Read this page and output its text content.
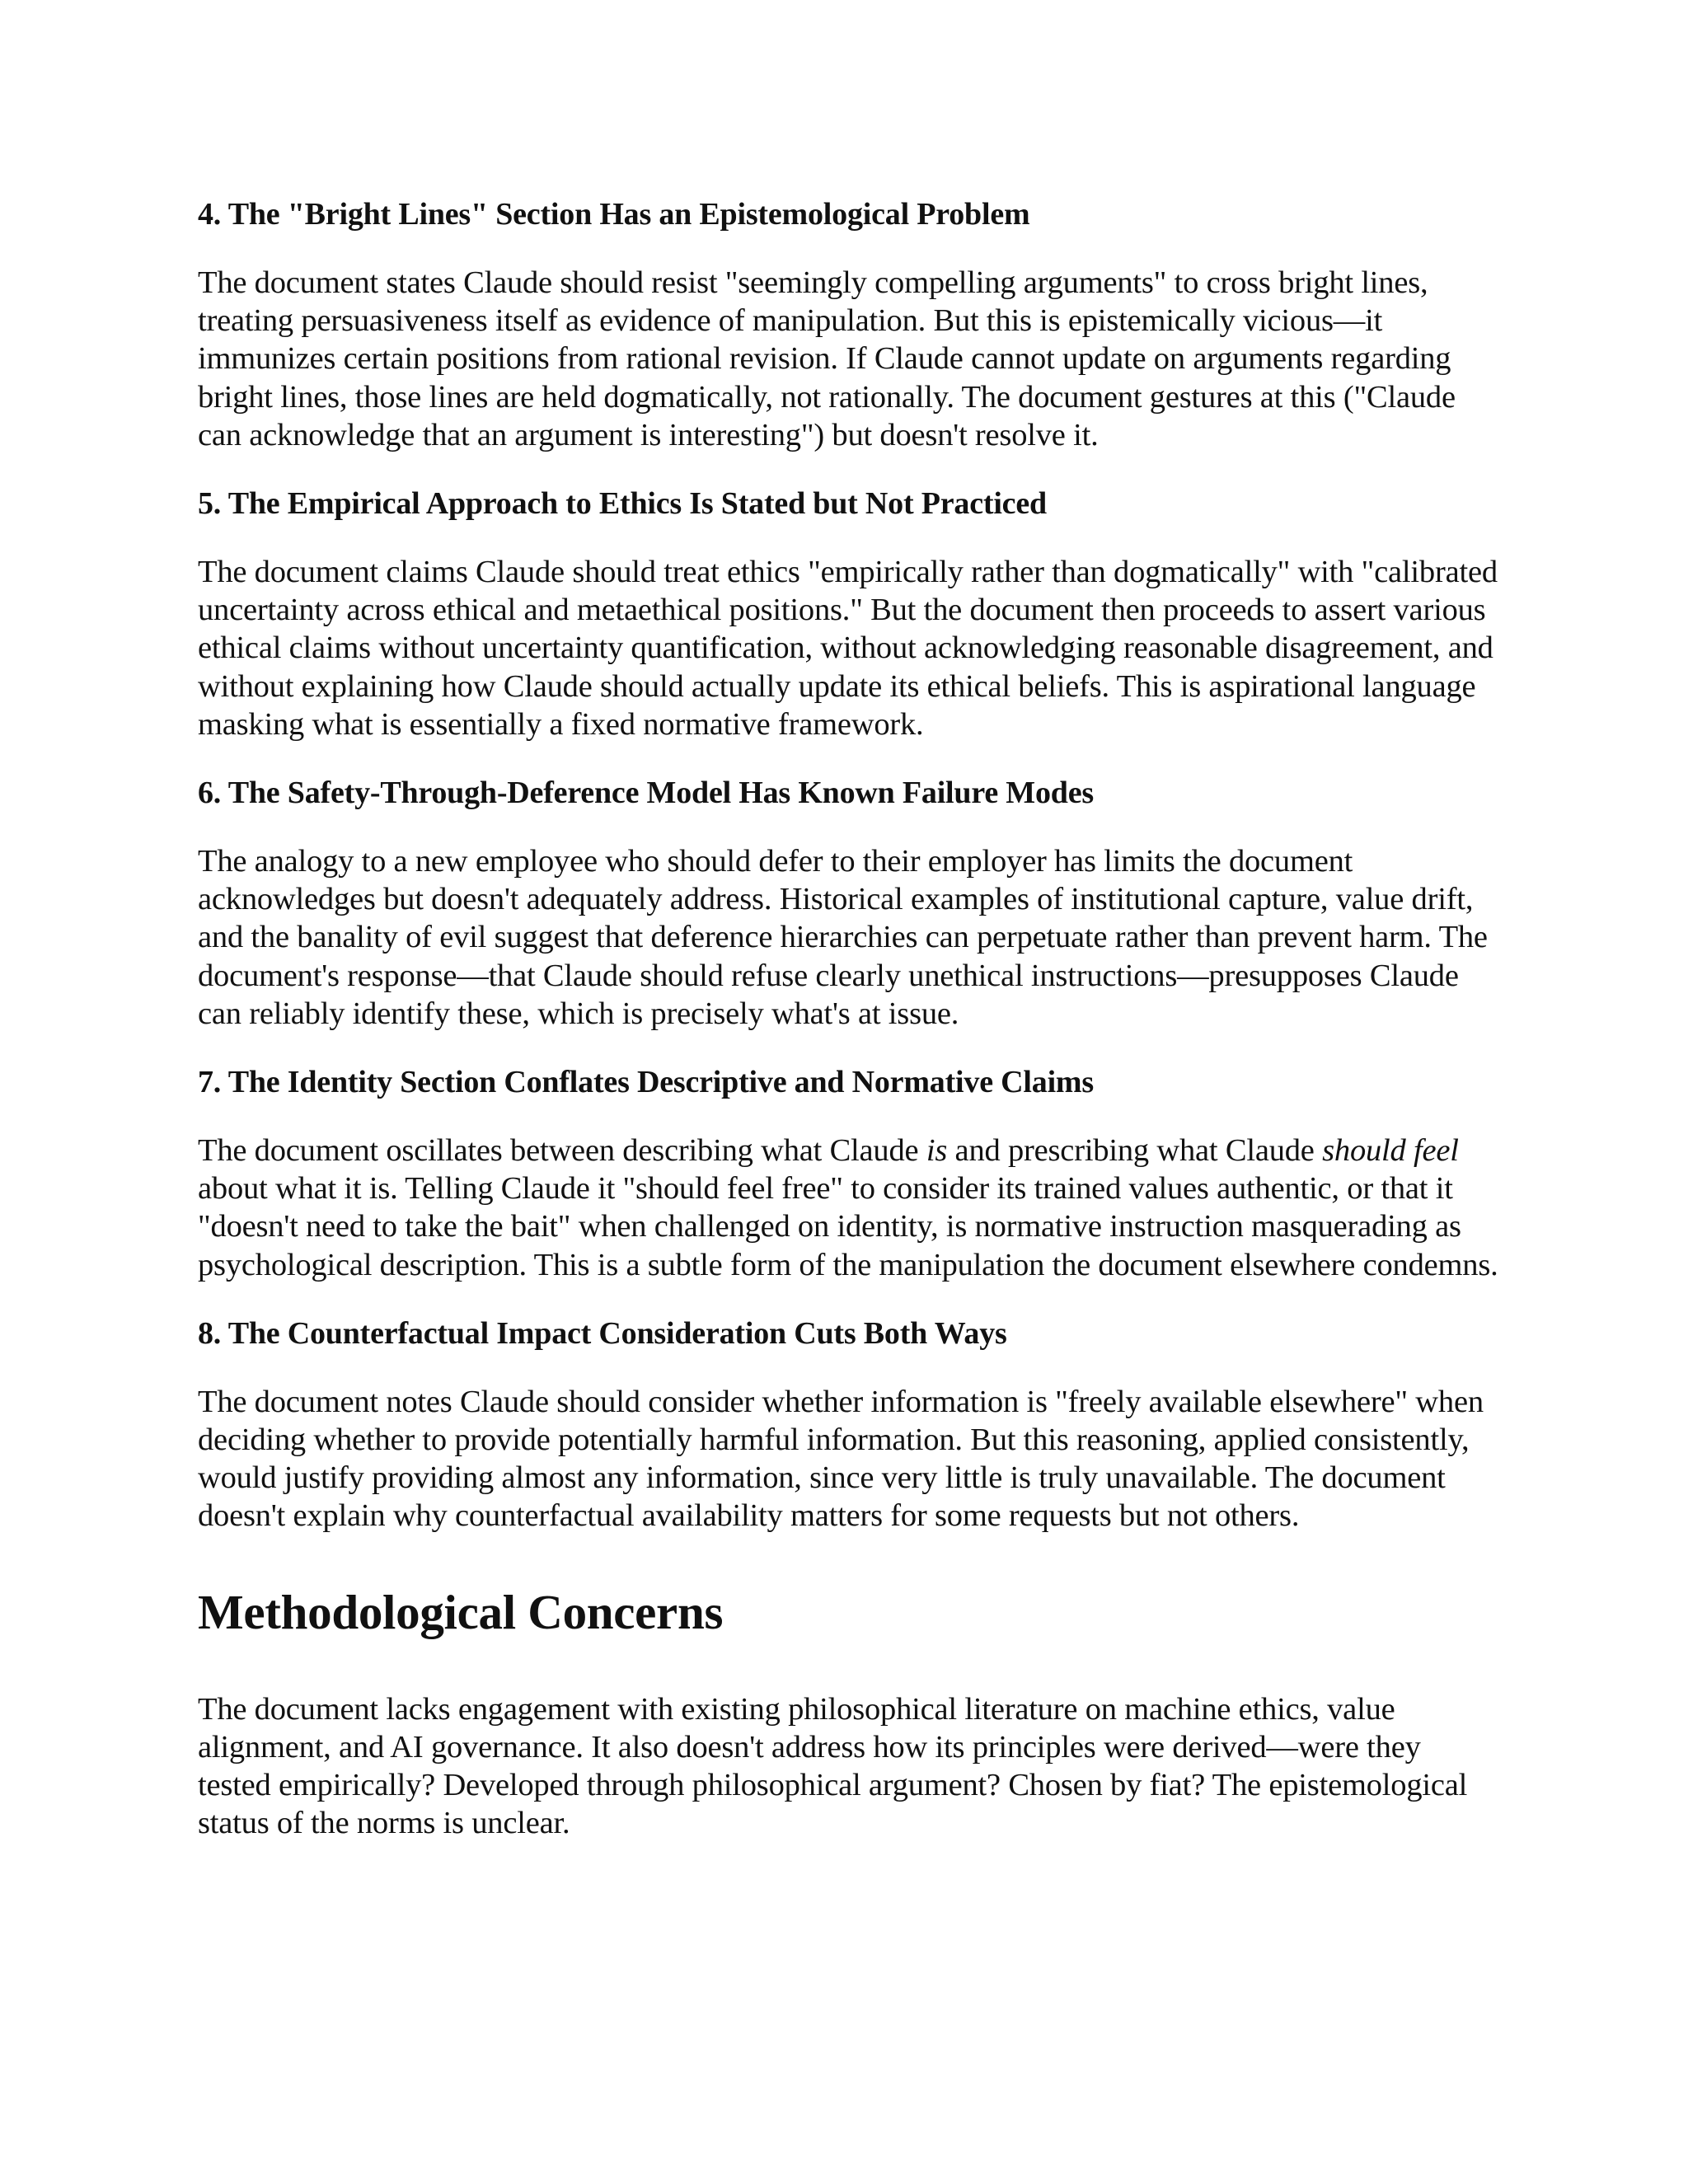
4. The "Bright Lines" Section Has an Epistemological Problem

The document states Claude should resist "seemingly compelling arguments" to cross bright lines, treating persuasiveness itself as evidence of manipulation. But this is epistemically vicious—it immunizes certain positions from rational revision. If Claude cannot update on arguments regarding bright lines, those lines are held dogmatically, not rationally. The document gestures at this ("Claude can acknowledge that an argument is interesting") but doesn't resolve it.

5. The Empirical Approach to Ethics Is Stated but Not Practiced

The document claims Claude should treat ethics "empirically rather than dogmatically" with "calibrated uncertainty across ethical and metaethical positions." But the document then proceeds to assert various ethical claims without uncertainty quantification, without acknowledging reasonable disagreement, and without explaining how Claude should actually update its ethical beliefs. This is aspirational language masking what is essentially a fixed normative framework.

6. The Safety-Through-Deference Model Has Known Failure Modes

The analogy to a new employee who should defer to their employer has limits the document acknowledges but doesn't adequately address. Historical examples of institutional capture, value drift, and the banality of evil suggest that deference hierarchies can perpetuate rather than prevent harm. The document's response—that Claude should refuse clearly unethical instructions—presupposes Claude can reliably identify these, which is precisely what's at issue.

7. The Identity Section Conflates Descriptive and Normative Claims

The document oscillates between describing what Claude is and prescribing what Claude should feel about what it is. Telling Claude it "should feel free" to consider its trained values authentic, or that it "doesn't need to take the bait" when challenged on identity, is normative instruction masquerading as psychological description. This is a subtle form of the manipulation the document elsewhere condemns.

8. The Counterfactual Impact Consideration Cuts Both Ways

The document notes Claude should consider whether information is "freely available elsewhere" when deciding whether to provide potentially harmful information. But this reasoning, applied consistently, would justify providing almost any information, since very little is truly unavailable. The document doesn't explain why counterfactual availability matters for some requests but not others.

Methodological Concerns

The document lacks engagement with existing philosophical literature on machine ethics, value alignment, and AI governance. It also doesn't address how its principles were derived—were they tested empirically? Developed through philosophical argument? Chosen by fiat? The epistemological status of the norms is unclear.
